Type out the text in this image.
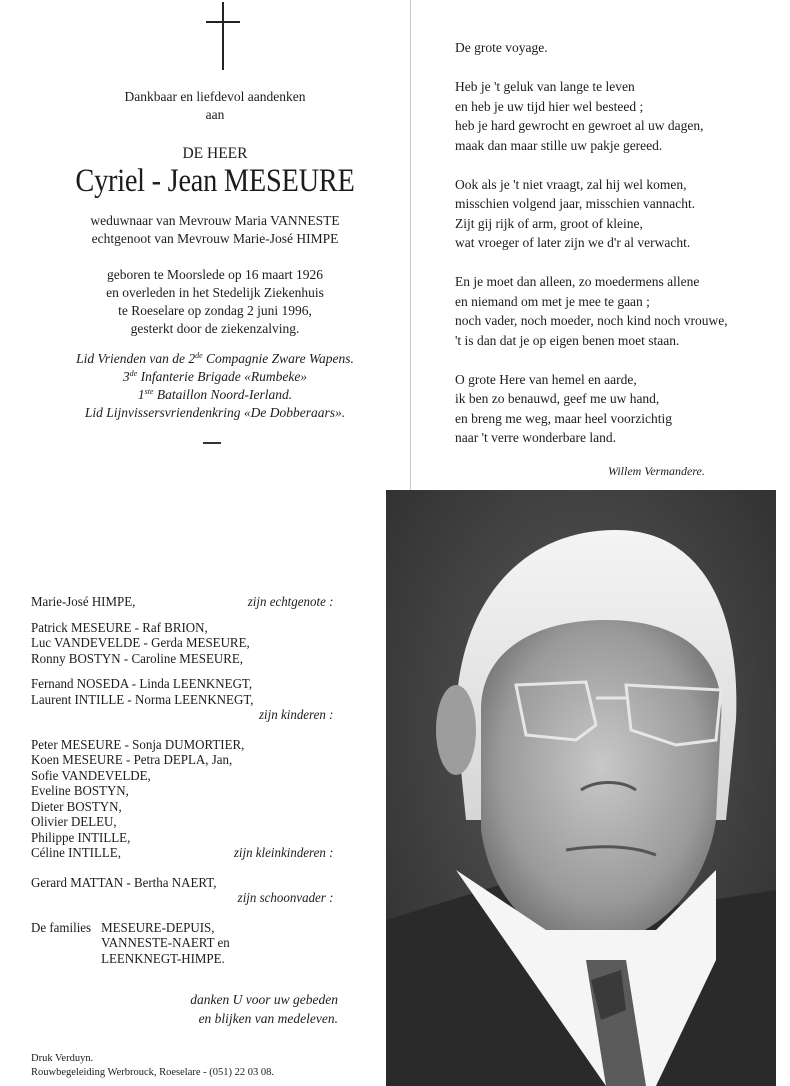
Dankbaar en liefdevol aandenken
aan
DE HEER
Cyriel - Jean MESEURE
weduwnaar van Mevrouw Maria VANNESTE
echtgenoot van Mevrouw Marie-José HIMPE
geboren te Moorslede op 16 maart 1926
en overleden in het Stedelijk Ziekenhuis
te Roeselare op zondag 2 juni 1996,
gesterkt door de ziekenzalving.
Lid Vrienden van de 2de Compagnie Zware Wapens.
3de Infanterie Brigade «Rumbeke»
1ste Bataillon Noord-Ierland.
Lid Lijnvissersvriendenkring «De Dobberaars».
De grote voyage.
Heb je 't geluk van lange te leven
en heb je uw tijd hier wel besteed ;
heb je hard gewrocht en gewroet al uw dagen,
maak dan maar stille uw pakje gereed.
Ook als je 't niet vraagt, zal hij wel komen,
misschien volgend jaar, misschien vannacht.
Zijt gij rijk of arm, groot of kleine,
wat vroeger of later zijn we d'r al verwacht.
En je moet dan alleen, zo moedermens allene
en niemand om met je mee te gaan ;
noch vader, noch moeder, noch kind noch vrouwe,
't is dan dat je op eigen benen moet staan.
O grote Here van hemel en aarde,
ik ben zo benauwd, geef me uw hand,
en breng me weg, maar heel voorzichtig
naar 't verre wonderbare land.
Willem Vermandere.
Marie-José HIMPE,	zijn echtgenote :
Patrick MESEURE - Raf BRION,
Luc VANDEVELDE - Gerda MESEURE,
Ronny BOSTYN - Caroline MESEURE,
Fernand NOSEDA - Linda LEENKNEGT,
Laurent INTILLE - Norma LEENKNEGT,
zijn kinderen :
Peter MESEURE - Sonja DUMORTIER,
Koen MESEURE - Petra DEPLA, Jan,
Sofie VANDEVELDE,
Eveline BOSTYN,
Dieter BOSTYN,
Olivier DELEU,
Philippe INTILLE,
Céline INTILLE,	zijn kleinkinderen :
Gerard MATTAN - Bertha NAERT,
zijn schoonvader :
De families MESEURE-DEPUIS,
VANNESTE-NAERT en
LEENKNEGT-HIMPE.
danken U voor uw gebeden
en blijken van medeleven.
Druk Verduyn.
Rouwbegeleiding Werbrouck, Roeselare - (051) 22 03 08.
